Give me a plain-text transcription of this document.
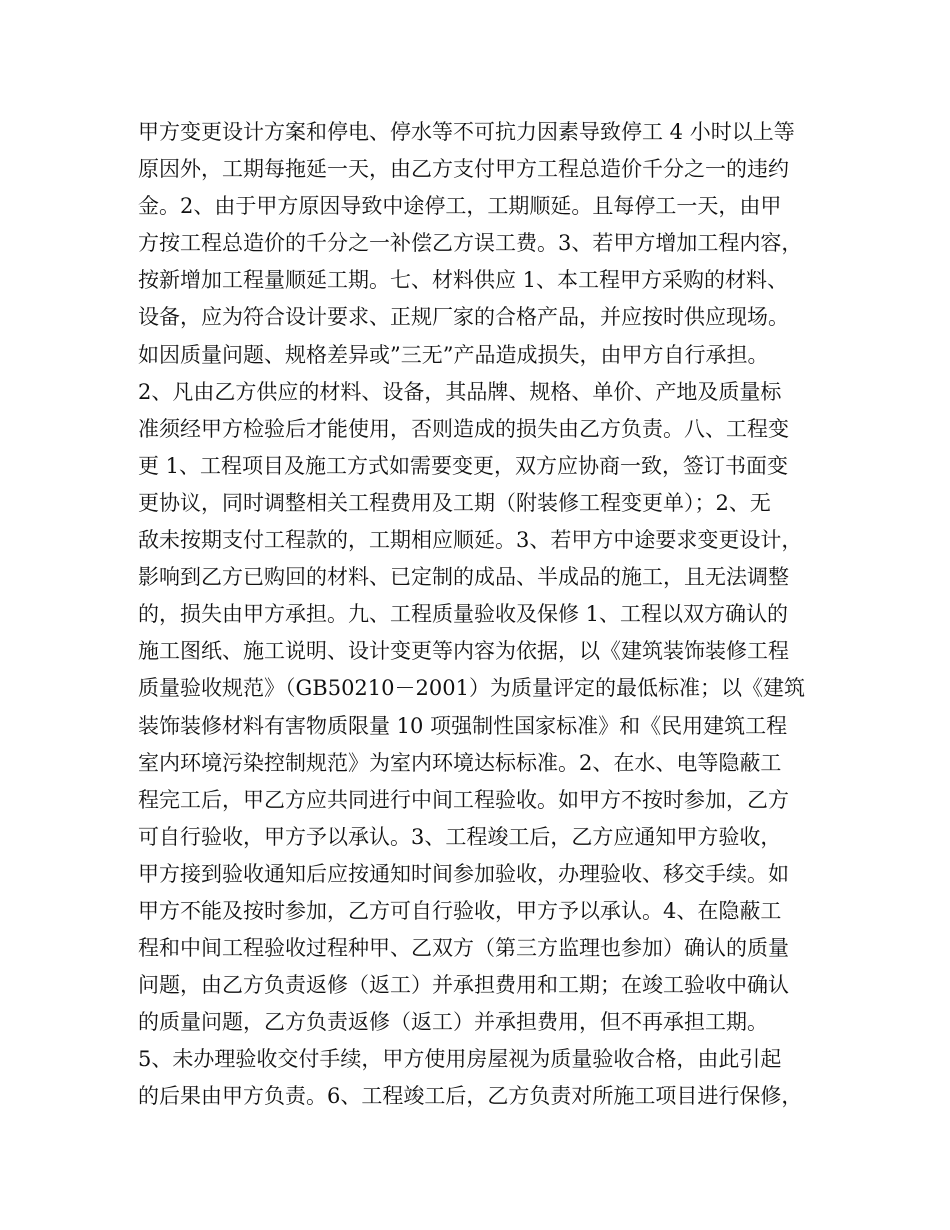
甲方变更设计方案和停电、停水等不可抗力因素导致停工 4 小时以上等
原因外，工期每拖延一天，由乙方支付甲方工程总造价千分之一的违约
金。2、由于甲方原因导致中途停工，工期顺延。且每停工一天，由甲
方按工程总造价的千分之一补偿乙方误工费。3、若甲方增加工程内容，
按新增加工程量顺延工期。七、材料供应 1、本工程甲方采购的材料、
设备，应为符合设计要求、正规厂家的合格产品，并应按时供应现场。
如因质量问题、规格差异或”三无”产品造成损失，由甲方自行承担。
2、凡由乙方供应的材料、设备，其品牌、规格、单价、产地及质量标
准须经甲方检验后才能使用，否则造成的损失由乙方负责。八、工程变
更 1、工程项目及施工方式如需要变更，双方应协商一致，签订书面变
更协议，同时调整相关工程费用及工期（附装修工程变更单）；2、无
敌未按期支付工程款的，工期相应顺延。3、若甲方中途要求变更设计，
影响到乙方已购回的材料、已定制的成品、半成品的施工，且无法调整
的，损失由甲方承担。九、工程质量验收及保修 1、工程以双方确认的
施工图纸、施工说明、设计变更等内容为依据，以《建筑装饰装修工程
质量验收规范》（GB50210－2001）为质量评定的最低标准；以《建筑
装饰装修材料有害物质限量 10 项强制性国家标准》和《民用建筑工程
室内环境污染控制规范》为室内环境达标标准。2、在水、电等隐蔽工
程完工后，甲乙方应共同进行中间工程验收。如甲方不按时参加，乙方
可自行验收，甲方予以承认。3、工程竣工后，乙方应通知甲方验收，
甲方接到验收通知后应按通知时间参加验收，办理验收、移交手续。如
甲方不能及按时参加，乙方可自行验收，甲方予以承认。4、在隐蔽工
程和中间工程验收过程种甲、乙双方（第三方监理也参加）确认的质量
问题，由乙方负责返修（返工）并承担费用和工期；在竣工验收中确认
的质量问题，乙方负责返修（返工）并承担费用，但不再承担工期。
5、未办理验收交付手续，甲方使用房屋视为质量验收合格，由此引起
的后果由甲方负责。6、工程竣工后，乙方负责对所施工项目进行保修，
